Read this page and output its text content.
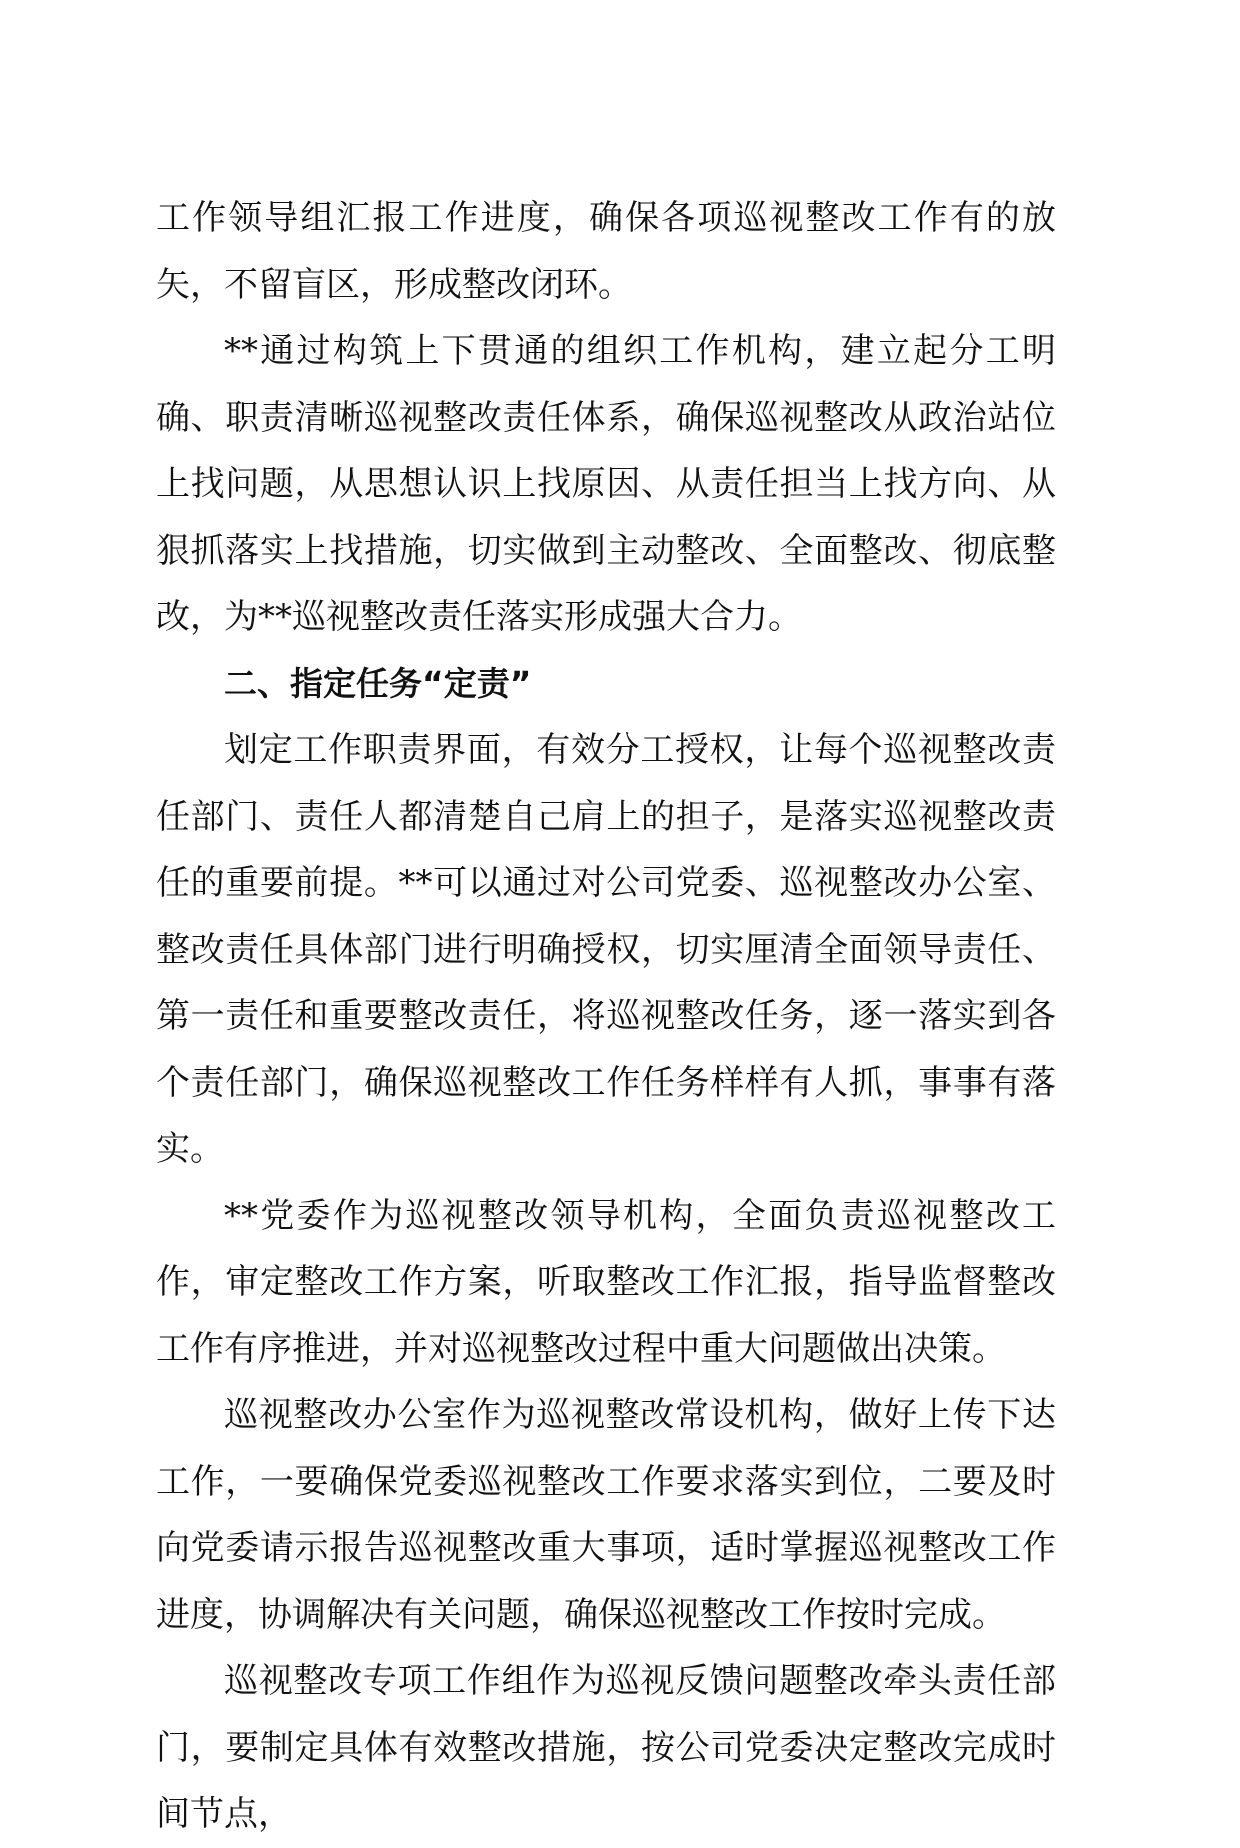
工作领导组汇报工作进度，确保各项巡视整改工作有的放矢，不留盲区，形成整改闭环。

**通过构筑上下贯通的组织工作机构，建立起分工明确、职责清晰巡视整改责任体系，确保巡视整改从政治站位上找问题，从思想认识上找原因、从责任担当上找方向、从狠抓落实上找措施，切实做到主动整改、全面整改、彻底整改，为**巡视整改责任落实形成强大合力。

二、指定任务“定责”

划定工作职责界面，有效分工授权，让每个巡视整改责任部门、责任人都清楚自己肩上的担子，是落实巡视整改责任的重要前提。**可以通过对公司党委、巡视整改办公室、整改责任具体部门进行明确授权，切实厘清全面领导责任、第一责任和重要整改责任，将巡视整改任务，逐一落实到各个责任部门，确保巡视整改工作任务样样有人抓，事事有落实。

**党委作为巡视整改领导机构，全面负责巡视整改工作，审定整改工作方案，听取整改工作汇报，指导监督整改工作有序推进，并对巡视整改过程中重大问题做出决策。

巡视整改办公室作为巡视整改常设机构，做好上传下达工作，一要确保党委巡视整改工作要求落实到位，二要及时向党委请示报告巡视整改重大事项，适时掌握巡视整改工作进度，协调解决有关问题，确保巡视整改工作按时完成。

巡视整改专项工作组作为巡视反馈问题整改牵头责任部门，要制定具体有效整改措施，按公司党委决定整改完成时间节点，
